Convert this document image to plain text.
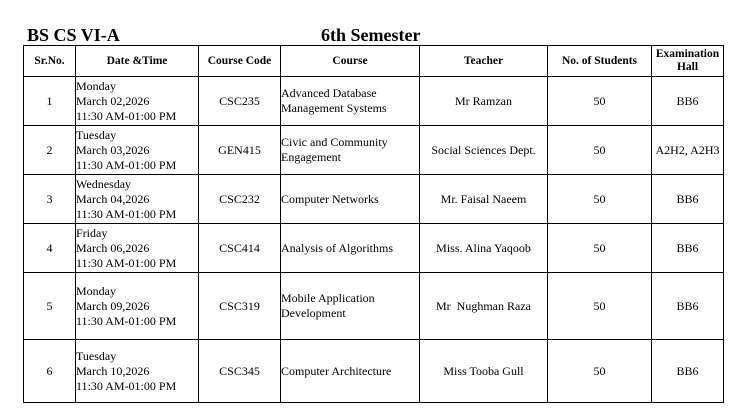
BS CS VI-A	6th Semester
Sr.No.	Date &Time	Course Code	Course	Teacher	No. of Students	Examination Hall
1	Monday
March 02,2026
11:30 AM-01:00 PM	CSC235	Advanced Database Management Systems	Mr Ramzan	50	BB6
2	Tuesday
March 03,2026
11:30 AM-01:00 PM	GEN415	Civic and Community Engagement	Social Sciences Dept.	50	A2H2, A2H3
3	Wednesday
March 04,2026
11:30 AM-01:00 PM	CSC232	Computer Networks	Mr. Faisal Naeem	50	BB6
4	Friday
March 06,2026
11:30 AM-01:00 PM	CSC414	Analysis of Algorithms	Miss. Alina Yaqoob	50	BB6
5	Monday
March 09,2026
11:30 AM-01:00 PM	CSC319	Mobile Application Development	Mr  Nughman Raza	50	BB6
6	Tuesday
March 10,2026
11:30 AM-01:00 PM	CSC345	Computer Architecture	Miss Tooba Gull	50	BB6
